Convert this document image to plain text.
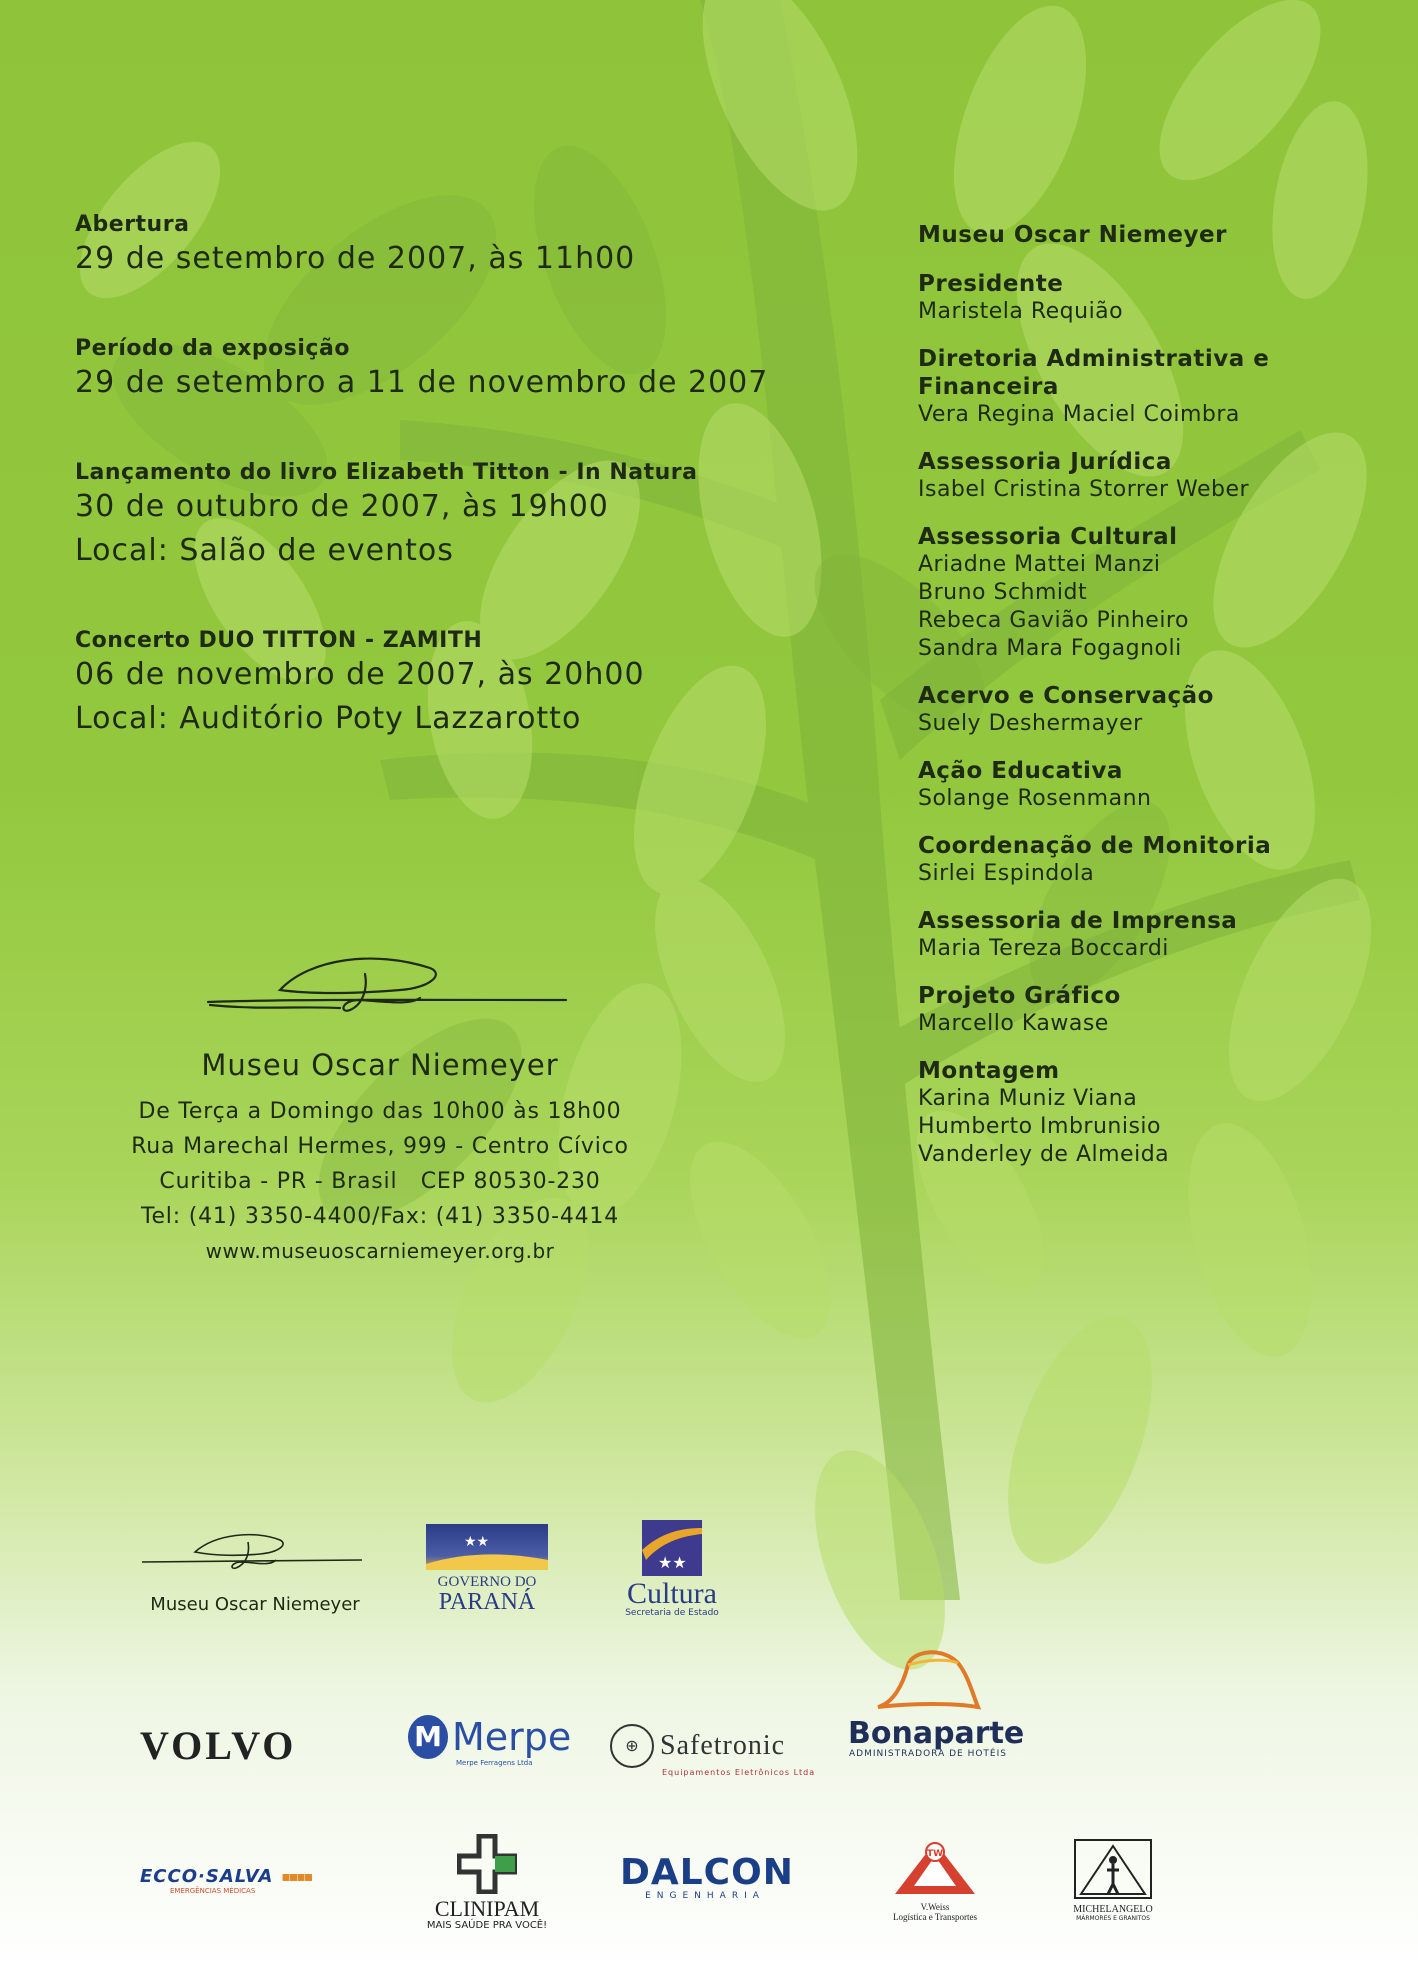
Abertura
29 de setembro de 2007, às 11h00
Período da exposição
29 de setembro a 11 de novembro de 2007
Lançamento do livro Elizabeth Titton - In Natura
30 de outubro de 2007, às 19h00
Local: Salão de eventos
Concerto DUO TITTON - ZAMITH
06 de novembro de 2007, às 20h00
Local: Auditório Poty Lazzarotto
Museu Oscar Niemeyer
De Terça a Domingo das 10h00 às 18h00
Rua Marechal Hermes, 999 - Centro Cívico
Curitiba - PR - Brasil   CEP 80530-230
Tel: (41) 3350-4400/Fax: (41) 3350-4414
www.museuoscarniemeyer.org.br
Museu Oscar Niemeyer
Presidente
Maristela Requião
Diretoria Administrativa e Financeira
Vera Regina Maciel Coimbra
Assessoria Jurídica
Isabel Cristina Storrer Weber
Assessoria Cultural
Ariadne Mattei Manzi
Bruno Schmidt
Rebeca Gavião Pinheiro
Sandra Mara Fogagnoli
Acervo e Conservação
Suely Deshermayer
Ação Educativa
Solange Rosenmann
Coordenação de Monitoria
Sirlei Espindola
Assessoria de Imprensa
Maria Tereza Boccardi
Projeto Gráfico
Marcello Kawase
Montagem
Karina Muniz Viana
Humberto Imbrunisio
Vanderley de Almeida
Museu Oscar Niemeyer
★★
GOVERNO DO
PARANÁ
★★
Cultura
Secretaria de Estado
VOLVO	M Merpe
Merpe Ferragens Ltda
⊕ Safetronic
Equipamentos Eletrônicos Ltda
Bonaparte
ADMINISTRADORA DE HOTÉIS
ECCO·SALVA ▪▪▪▪
EMERGÊNCIAS MÉDICAS
CLINIPAM
MAIS SAÚDE PRA VOCÊ!
DALCON
ENGENHARIA
TW
V.Weiss
Logística e Transportes
MICHELANGELO
MÁRMORES E GRANITOS
